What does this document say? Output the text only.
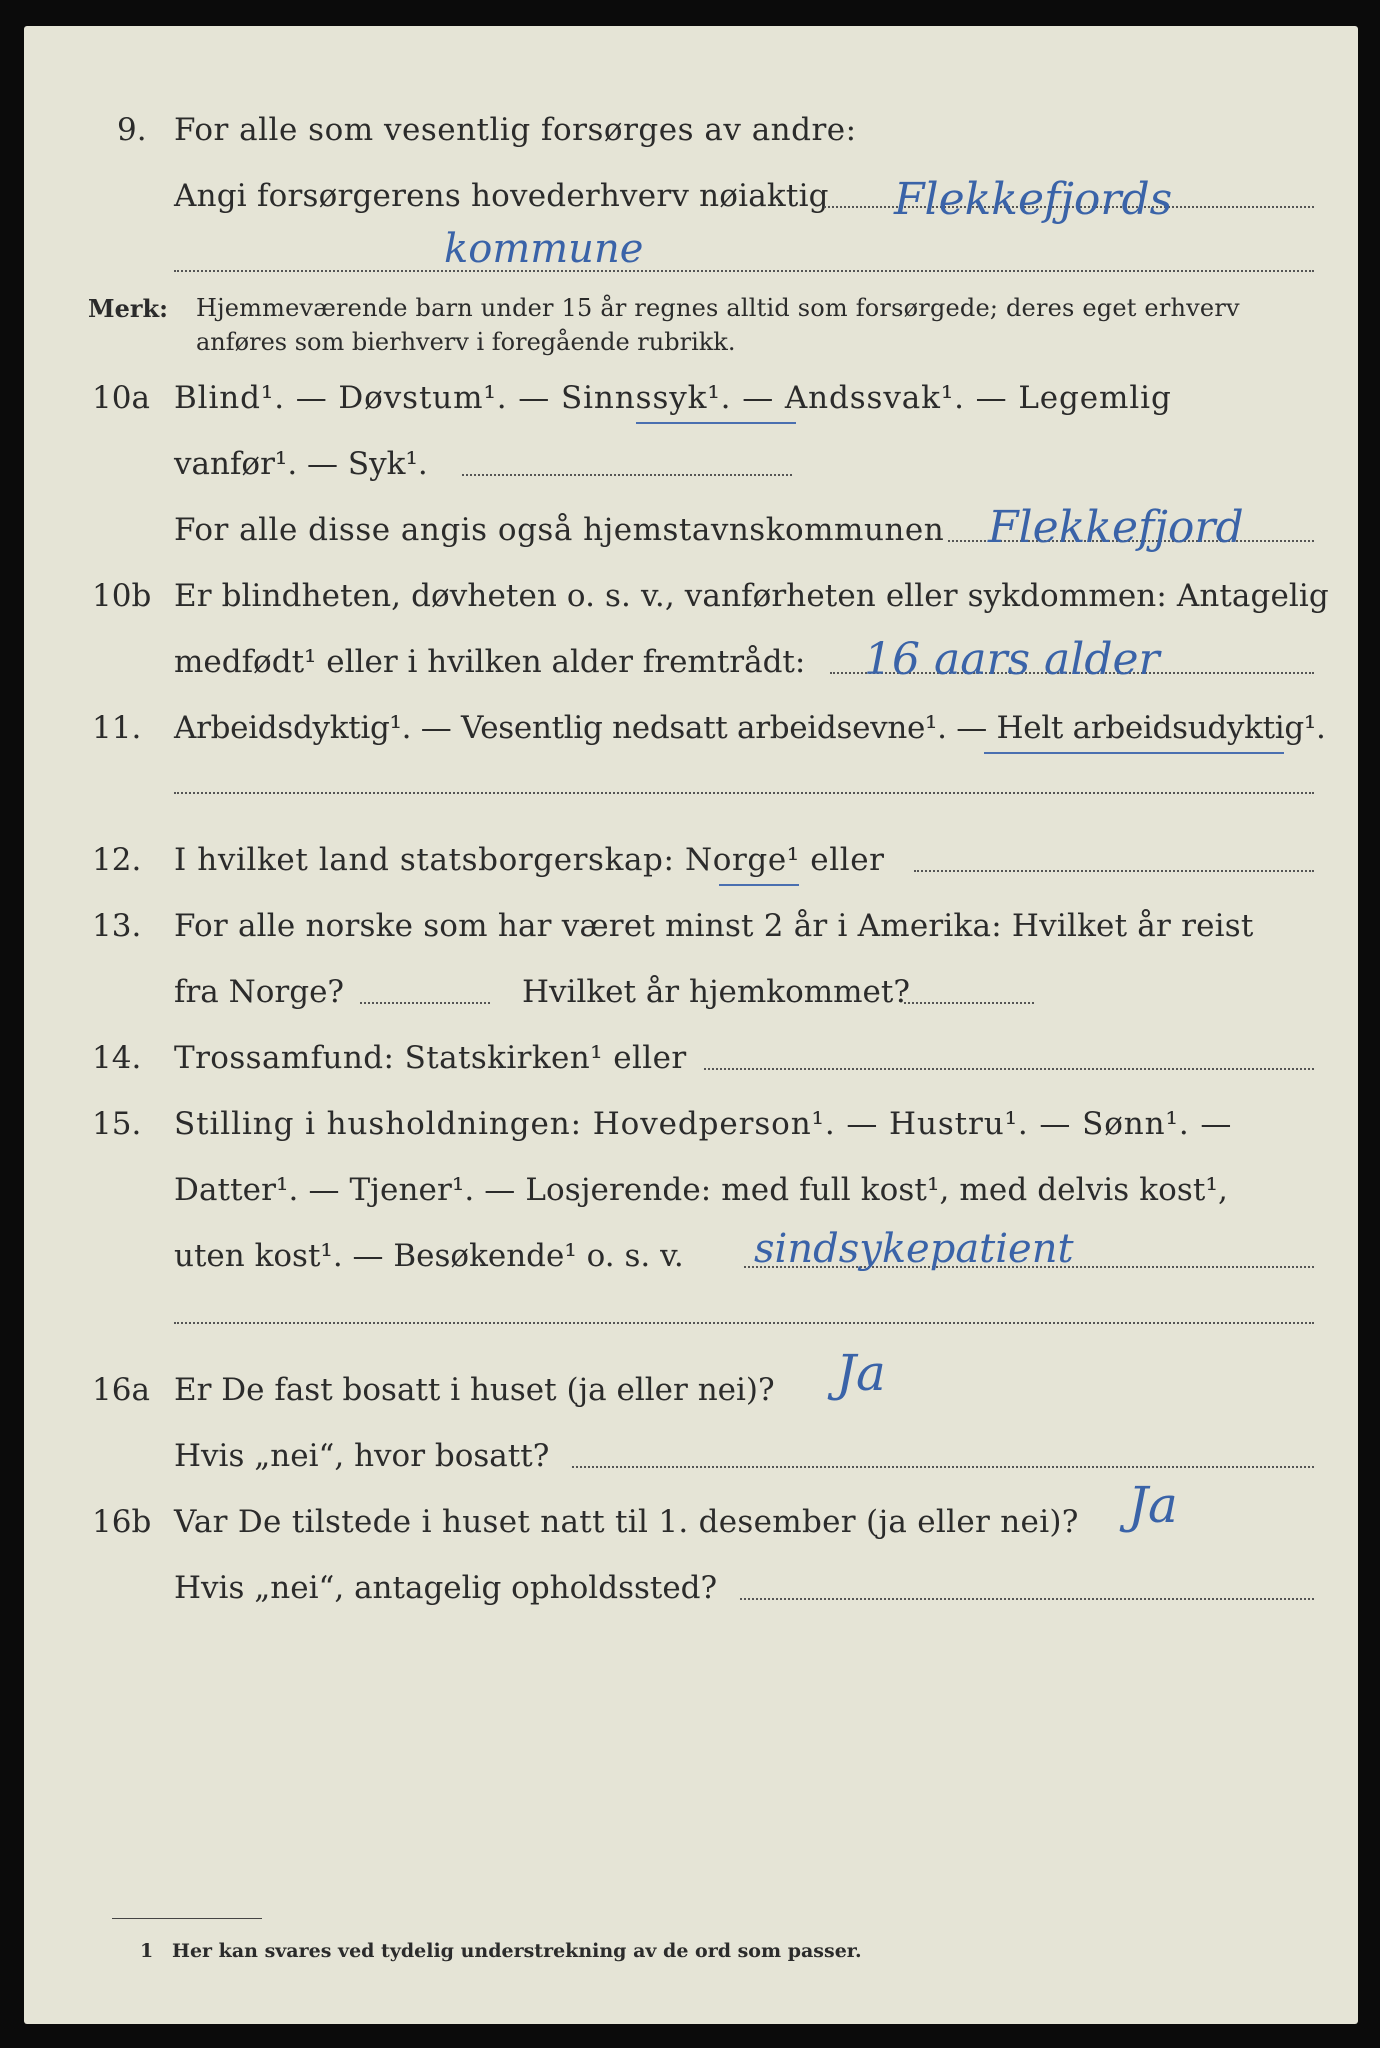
9. For alle som vesentlig forsørges av andre:
Angi forsørgerens hovederhverv nøiaktig Flekkefjords
kommune
Merk: Hjemmeværende barn under 15 år regnes alltid som forsørgede; deres eget erhverv
anføres som bierhverv i foregående rubrikk.
10a Blind¹. — Døvstum¹. — Sinnssyk¹. — Andssvak¹. — Legemlig
vanfør¹. — Syk¹.
For alle disse angis også hjemstavnskommunen Flekkefjord
10b Er blindheten, døvheten o. s. v., vanførheten eller sykdommen: Antagelig
medfødt¹ eller i hvilken alder fremtrådt: 16 aars alder
11. Arbeidsdyktig¹. — Vesentlig nedsatt arbeidsevne¹. — Helt arbeidsudyktig¹.
12. I hvilket land statsborgerskap: Norge¹ eller
13. For alle norske som har været minst 2 år i Amerika: Hvilket år reist
fra Norge?	Hvilket år hjemkommet?
14. Trossamfund: Statskirken¹ eller
15. Stilling i husholdningen: Hovedperson¹. — Hustru¹. — Sønn¹. —
Datter¹. — Tjener¹. — Losjerende: med full kost¹, med delvis kost¹,
uten kost¹. — Besøkende¹ o. s. v. sindsykepatient
16a Er De fast bosatt i huset (ja eller nei)? Ja
Hvis „nei“, hvor bosatt?
16b Var De tilstede i huset natt til 1. desember (ja eller nei)? Ja
Hvis „nei“, antagelig opholdssted?
1 Her kan svares ved tydelig understrekning av de ord som passer.
